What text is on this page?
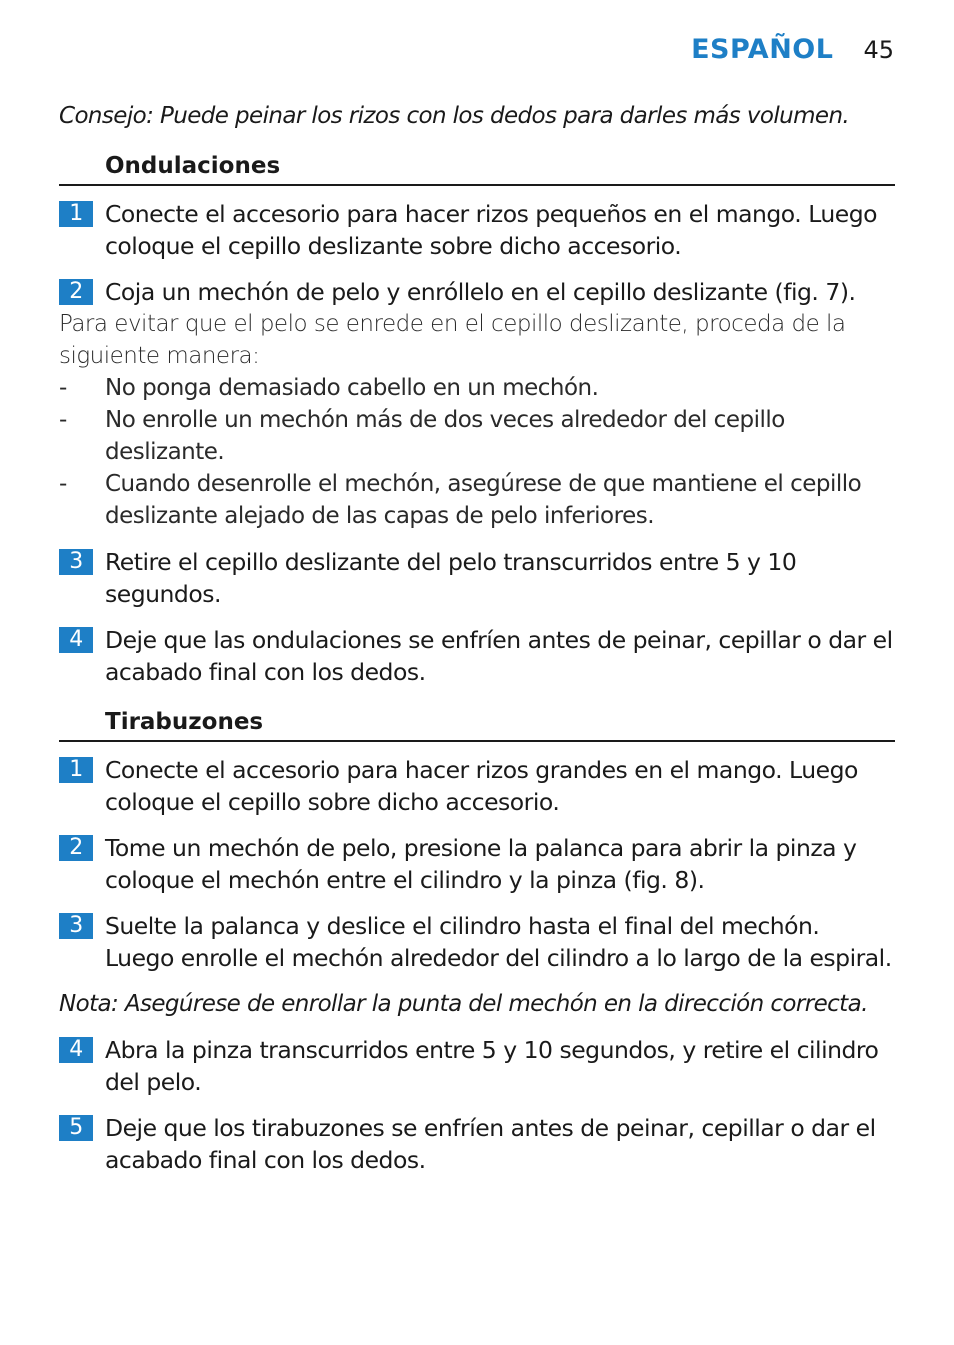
ESPAÑOL 45
Consejo: Puede peinar los rizos con los dedos para darles más volumen.
Ondulaciones
1 Conecte el accesorio para hacer rizos pequeños en el mango. Luego coloque el cepillo deslizante sobre dicho accesorio.
2 Coja un mechón de pelo y enróllelo en el cepillo deslizante (fig. 7).
Para evitar que el pelo se enrede en el cepillo deslizante, proceda de la siguiente manera:
-	No ponga demasiado cabello en un mechón.
-	No enrolle un mechón más de dos veces alrededor del cepillo deslizante.
-	Cuando desenrolle el mechón, asegúrese de que mantiene el cepillo deslizante alejado de las capas de pelo inferiores.
3 Retire el cepillo deslizante del pelo transcurridos entre 5 y 10 segundos.
4 Deje que las ondulaciones se enfríen antes de peinar, cepillar o dar el acabado final con los dedos.
Tirabuzones
1 Conecte el accesorio para hacer rizos grandes en el mango. Luego coloque el cepillo sobre dicho accesorio.
2 Tome un mechón de pelo, presione la palanca para abrir la pinza y coloque el mechón entre el cilindro y la pinza (fig. 8).
3 Suelte la palanca y deslice el cilindro hasta el final del mechón. Luego enrolle el mechón alrededor del cilindro a lo largo de la espiral.
Nota: Asegúrese de enrollar la punta del mechón en la dirección correcta.
4 Abra la pinza transcurridos entre 5 y 10 segundos, y retire el cilindro del pelo.
5 Deje que los tirabuzones se enfríen antes de peinar, cepillar o dar el acabado final con los dedos.
